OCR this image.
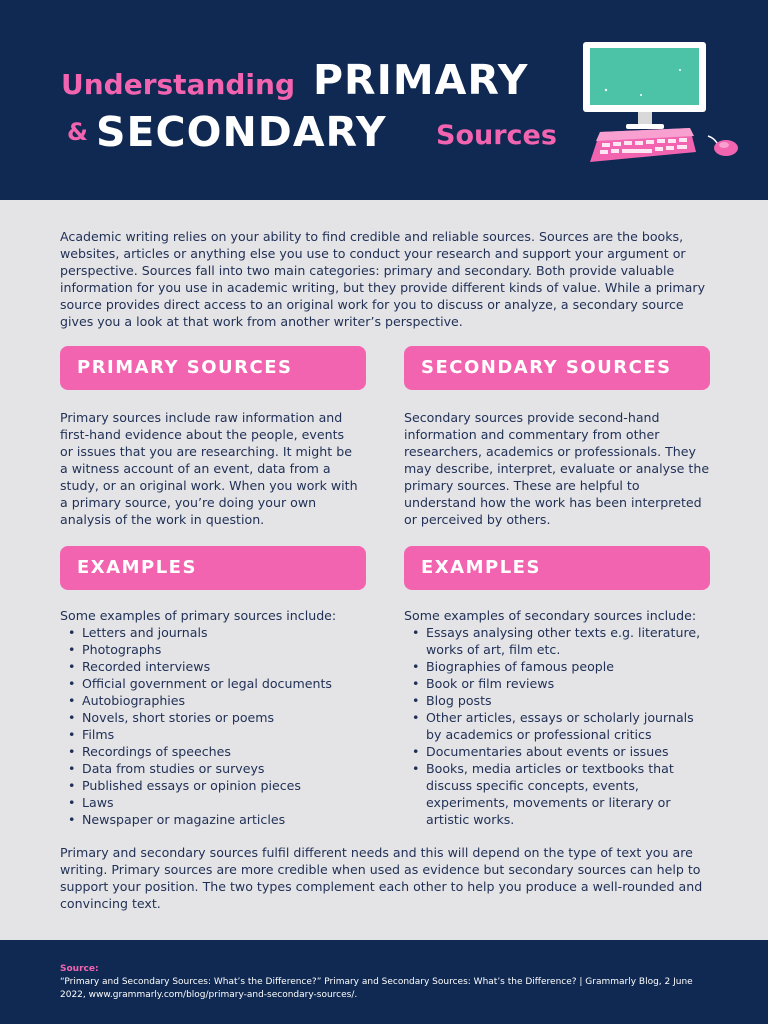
Understanding PRIMARY
& SECONDARY Sources

Academic writing relies on your ability to find credible and reliable sources. Sources are the books, websites, articles or anything else you use to conduct your research and support your argument or perspective. Sources fall into two main categories: primary and secondary. Both provide valuable information for you use in academic writing, but they provide different kinds of value. While a primary source provides direct access to an original work for you to discuss or analyze, a secondary source gives you a look at that work from another writer’s perspective.

PRIMARY SOURCES

Primary sources include raw information and first-hand evidence about the people, events or issues that you are researching. It might be a witness account of an event, data from a study, or an original work. When you work with a primary source, you’re doing your own analysis of the work in question.

EXAMPLES

Some examples of primary sources include:

• Letters and journals
• Photographs
• Recorded interviews
• Official government or legal documents
• Autobiographies
• Novels, short stories or poems
• Films
• Recordings of speeches
• Data from studies or surveys
• Published essays or opinion pieces
• Laws
• Newspaper or magazine articles
SECONDARY SOURCES

Secondary sources provide second-hand information and commentary from other researchers, academics or professionals. They may describe, interpret, evaluate or analyse the primary sources. These are helpful to understand how the work has been interpreted or perceived by others.

EXAMPLES

Some examples of secondary sources include:

• Essays analysing other texts e.g. literature, works of art, film etc.
• Biographies of famous people
• Book or film reviews
• Blog posts
• Other articles, essays or scholarly journals by academics or professional critics
• Documentaries about events or issues
• Books, media articles or textbooks that discuss specific concepts, events, experiments, movements or literary or artistic works.

Primary and secondary sources fulfil different needs and this will depend on the type of text you are writing. Primary sources are more credible when used as evidence but secondary sources can help to support your position. The two types complement each other to help you produce a well-rounded and convincing text.

Source:

“Primary and Secondary Sources: What’s the Difference?” Primary and Secondary Sources: What’s the Difference? | Grammarly Blog, 2 June 2022, www.grammarly.com/blog/primary-and-secondary-sources/.
